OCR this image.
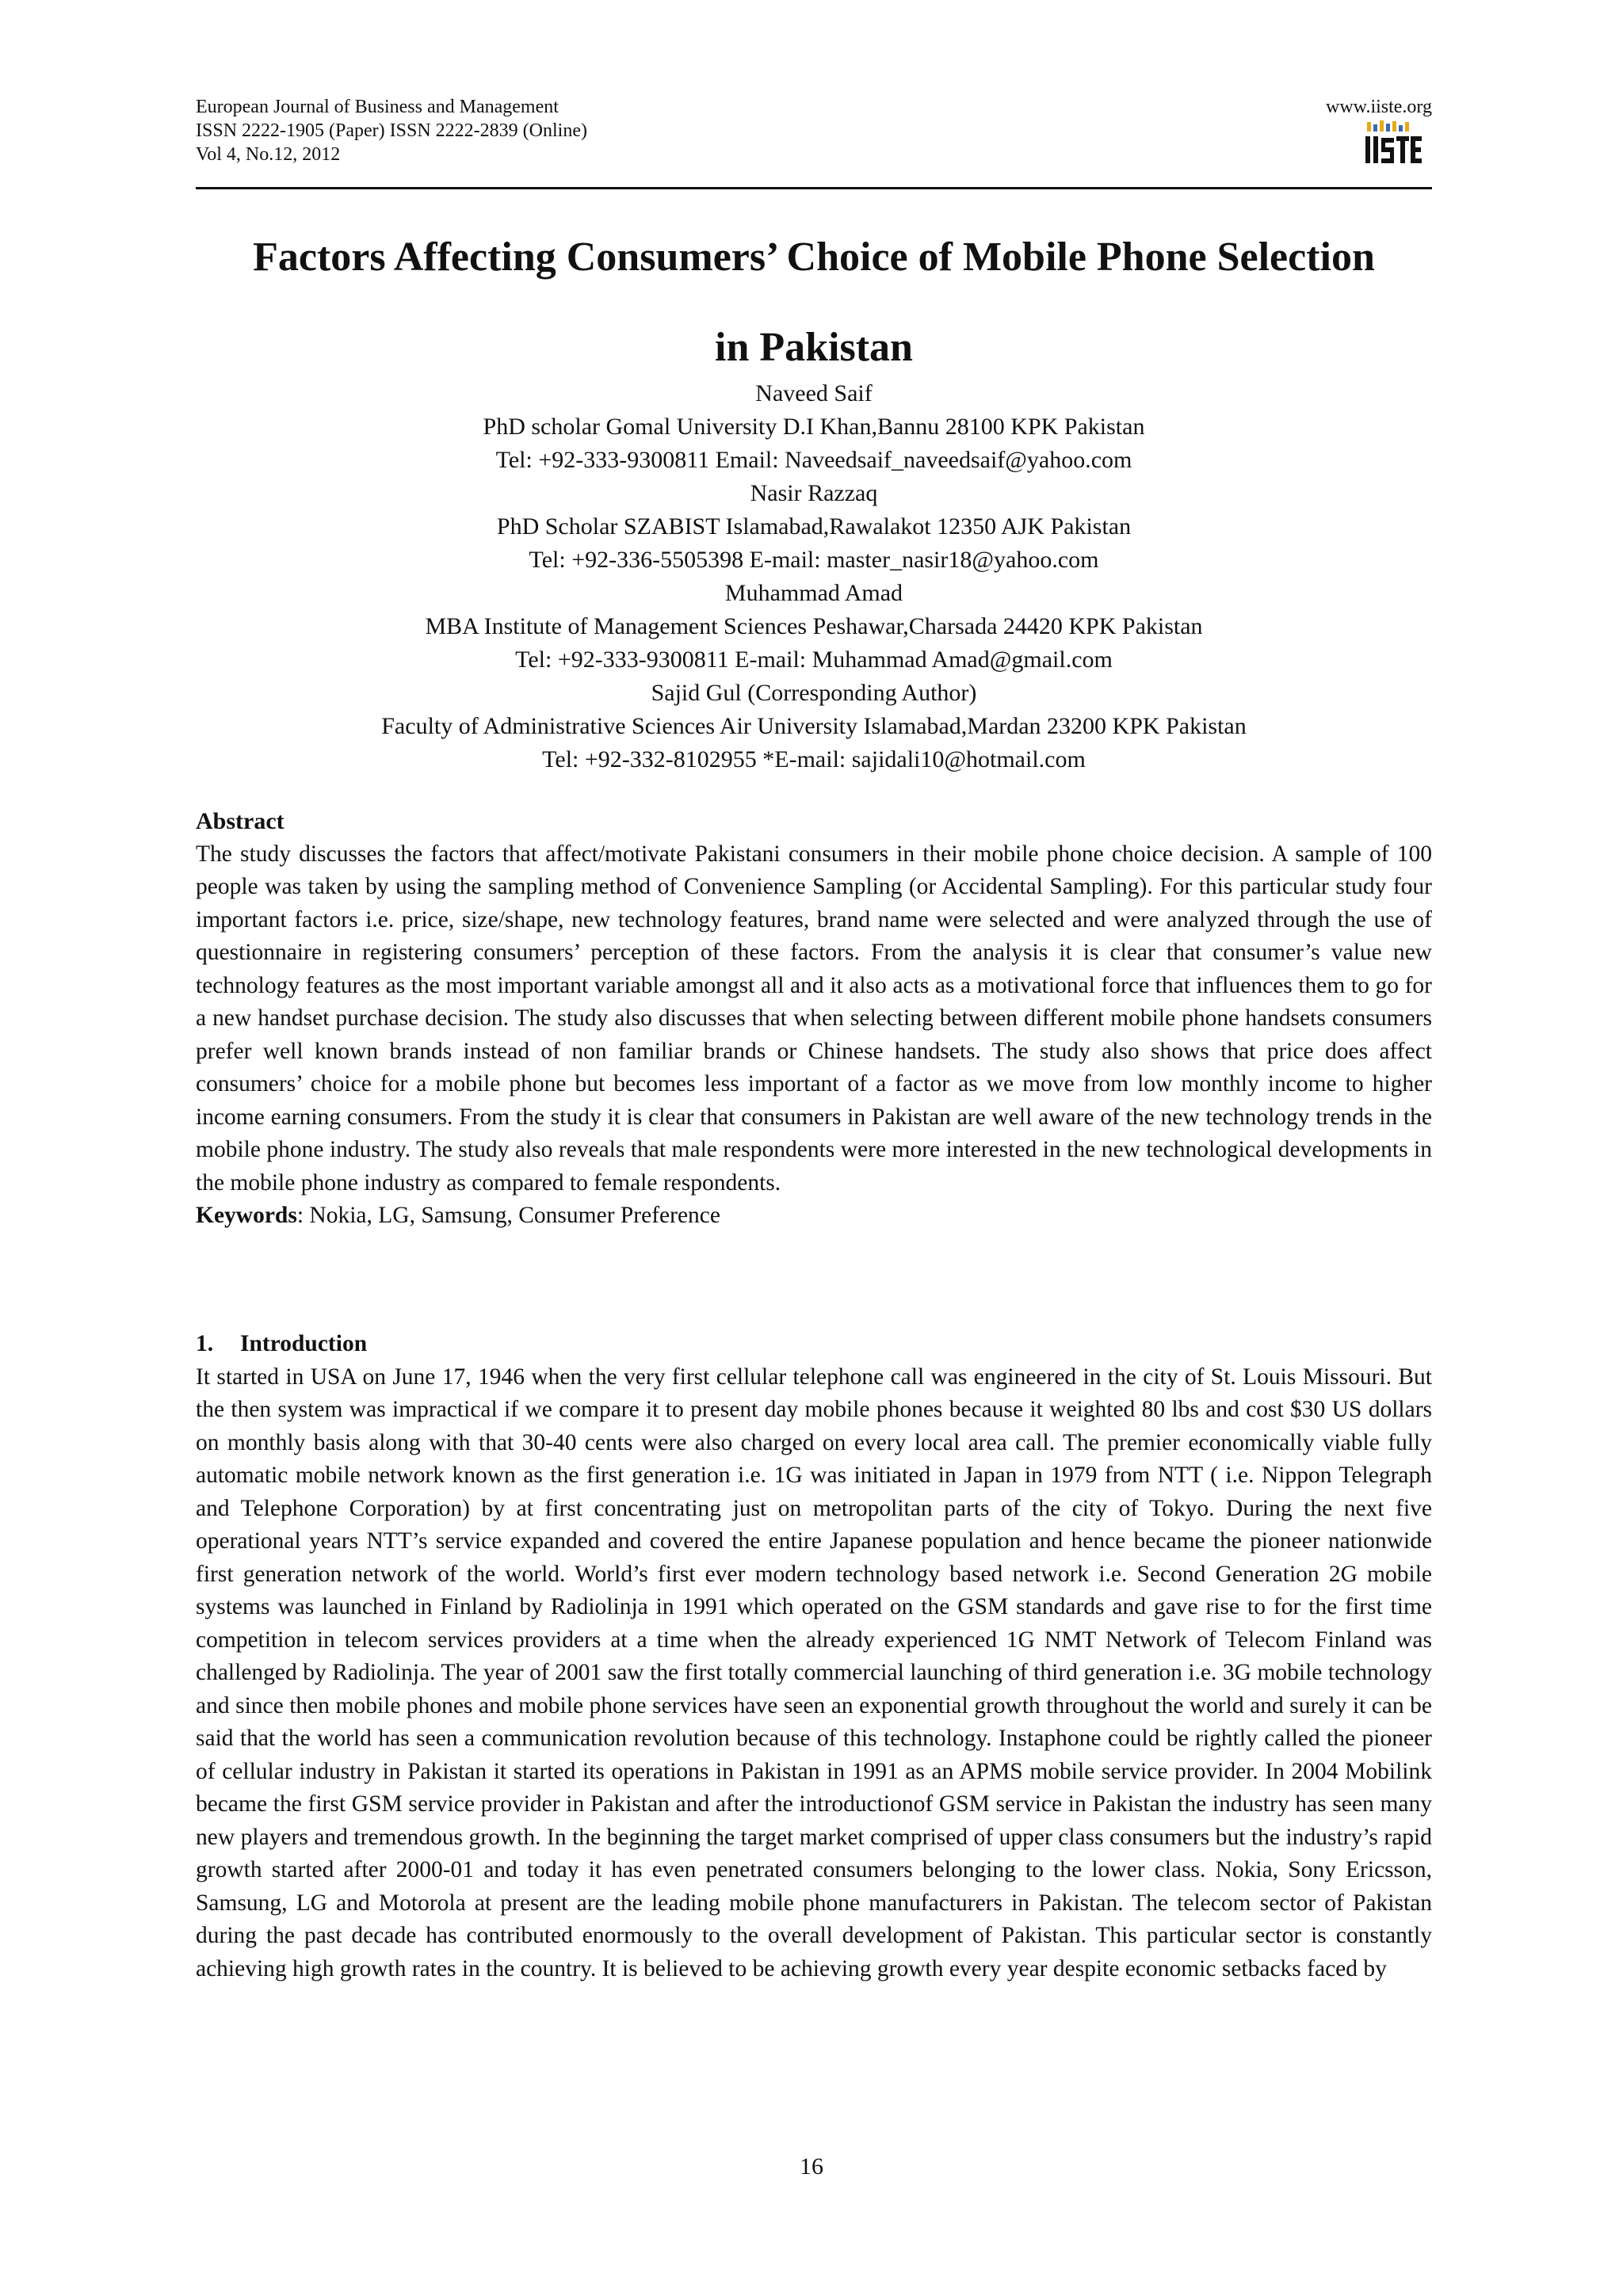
European Journal of Business and Management
ISSN 2222-1905 (Paper) ISSN 2222-2839 (Online)
Vol 4, No.12, 2012
www.iiste.org
Factors Affecting Consumers’ Choice of Mobile Phone Selection
in Pakistan
Naveed Saif
PhD scholar Gomal University D.I Khan,Bannu 28100 KPK Pakistan
Tel: +92-333-9300811 Email: Naveedsaif_naveedsaif@yahoo.com
Nasir Razzaq
PhD Scholar SZABIST Islamabad,Rawalakot 12350 AJK Pakistan
Tel: +92-336-5505398 E-mail: master_nasir18@yahoo.com
Muhammad Amad
MBA Institute of Management Sciences Peshawar,Charsada 24420 KPK Pakistan
Tel: +92-333-9300811 E-mail: Muhammad Amad@gmail.com
Sajid Gul (Corresponding Author)
Faculty of Administrative Sciences Air University Islamabad,Mardan 23200 KPK Pakistan
Tel: +92-332-8102955 *E-mail: sajidali10@hotmail.com
Abstract

The study discusses the factors that affect/motivate Pakistani consumers in their mobile phone choice decision. A sample of 100 people was taken by using the sampling method of Convenience Sampling (or Accidental Sampling). For this particular study four important factors i.e. price, size/shape, new technology features, brand name were selected and were analyzed through the use of questionnaire in registering consumers’ perception of these factors. From the analysis it is clear that consumer’s value new technology features as the most important variable amongst all and it also acts as a motivational force that influences them to go for a new handset purchase decision. The study also discusses that when selecting between different mobile phone handsets consumers prefer well known brands instead of non familiar brands or Chinese handsets. The study also shows that price does affect consumers’ choice for a mobile phone but becomes less important of a factor as we move from low monthly income to higher income earning consumers. From the study it is clear that consumers in Pakistan are well aware of the new technology trends in the mobile phone industry. The study also reveals that male respondents were more interested in the new technological developments in the mobile phone industry as compared to female respondents.

Keywords: Nokia, LG, Samsung, Consumer Preference

1. Introduction

It started in USA on June 17, 1946 when the very first cellular telephone call was engineered in the city of St. Louis Missouri. But the then system was impractical if we compare it to present day mobile phones because it weighted 80 lbs and cost $30 US dollars on monthly basis along with that 30-40 cents were also charged on every local area call. The premier economically viable fully automatic mobile network known as the first generation i.e. 1G was initiated in Japan in 1979 from NTT ( i.e. Nippon Telegraph and Telephone Corporation) by at first concentrating just on metropolitan parts of the city of Tokyo. During the next five operational years NTT’s service expanded and covered the entire Japanese population and hence became the pioneer nationwide first generation network of the world. World’s first ever modern technology based network i.e. Second Generation 2G mobile systems was launched in Finland by Radiolinja in 1991 which operated on the GSM standards and gave rise to for the first time competition in telecom services providers at a time when the already experienced 1G NMT Network of Telecom Finland was challenged by Radiolinja. The year of 2001 saw the first totally commercial launching of third generation i.e. 3G mobile technology and since then mobile phones and mobile phone services have seen an exponential growth throughout the world and surely it can be said that the world has seen a communication revolution because of this technology. Instaphone could be rightly called the pioneer of cellular industry in Pakistan it started its operations in Pakistan in 1991 as an APMS mobile service provider. In 2004 Mobilink became the first GSM service provider in Pakistan and after the introductionof GSM service in Pakistan the industry has seen many new players and tremendous growth. In the beginning the target market comprised of upper class consumers but the industry’s rapid growth started after 2000-01 and today it has even penetrated consumers belonging to the lower class. Nokia, Sony Ericsson, Samsung, LG and Motorola at present are the leading mobile phone manufacturers in Pakistan. The telecom sector of Pakistan during the past decade has contributed enormously to the overall development of Pakistan. This particular sector is constantly achieving high growth rates in the country. It is believed to be achieving growth every year despite economic setbacks faced by

16
